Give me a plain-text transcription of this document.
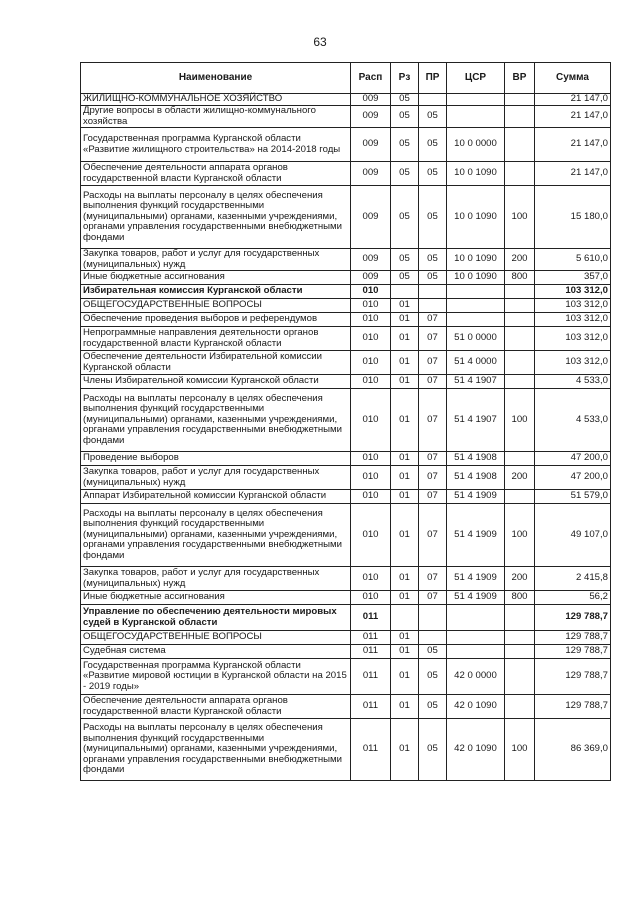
63
Наименование	Расп	Рз	ПР	ЦСР	ВР	Сумма
ЖИЛИЩНО-КОММУНАЛЬНОЕ ХОЗЯЙСТВО	009	05				21 147,0
Другие вопросы в области жилищно-коммунального хозяйства	009	05	05			21 147,0
Государственная программа Курганской области «Развитие жилищного строительства» на 2014-2018 годы	009	05	05	10 0 0000		21 147,0
Обеспечение деятельности аппарата органов государственной власти Курганской области	009	05	05	10 0 1090		21 147,0
Расходы на выплаты персоналу в целях обеспечения выполнения функций государственными (муниципальными) органами, казенными учреждениями, органами управления государственными внебюджетными фондами	009	05	05	10 0 1090	100	15 180,0
Закупка товаров, работ и услуг для государственных (муниципальных) нужд	009	05	05	10 0 1090	200	5 610,0
Иные бюджетные ассигнования	009	05	05	10 0 1090	800	357,0
Избирательная комиссия Курганской области	010					103 312,0
ОБЩЕГОСУДАРСТВЕННЫЕ ВОПРОСЫ	010	01				103 312,0
Обеспечение проведения выборов и референдумов	010	01	07			103 312,0
Непрограммные направления деятельности органов государственной власти Курганской области	010	01	07	51 0 0000		103 312,0
Обеспечение деятельности Избирательной комиссии Курганской области	010	01	07	51 4 0000		103 312,0
Члены Избирательной комиссии Курганской области	010	01	07	51 4 1907		4 533,0
Расходы на выплаты персоналу в целях обеспечения выполнения функций государственными (муниципальными) органами, казенными учреждениями, органами управления государственными внебюджетными фондами	010	01	07	51 4 1907	100	4 533,0
Проведение выборов	010	01	07	51 4 1908		47 200,0
Закупка товаров, работ и услуг для государственных (муниципальных) нужд	010	01	07	51 4 1908	200	47 200,0
Аппарат Избирательной комиссии Курганской области	010	01	07	51 4 1909		51 579,0
Расходы на выплаты персоналу в целях обеспечения выполнения функций государственными (муниципальными) органами, казенными учреждениями, органами управления государственными внебюджетными фондами	010	01	07	51 4 1909	100	49 107,0
Закупка товаров, работ и услуг для государственных (муниципальных) нужд	010	01	07	51 4 1909	200	2 415,8
Иные бюджетные ассигнования	010	01	07	51 4 1909	800	56,2
Управление по обеспечению деятельности мировых судей в Курганской области	011					129 788,7
ОБЩЕГОСУДАРСТВЕННЫЕ ВОПРОСЫ	011	01				129 788,7
Судебная система	011	01	05			129 788,7
Государственная программа Курганской области «Развитие мировой юстиции в Курганской области на 2015 - 2019 годы»	011	01	05	42 0 0000		129 788,7
Обеспечение деятельности аппарата органов государственной власти Курганской области	011	01	05	42 0 1090		129 788,7
Расходы на выплаты персоналу в целях обеспечения выполнения функций государственными (муниципальными) органами, казенными учреждениями, органами управления государственными внебюджетными фондами	011	01	05	42 0 1090	100	86 369,0
